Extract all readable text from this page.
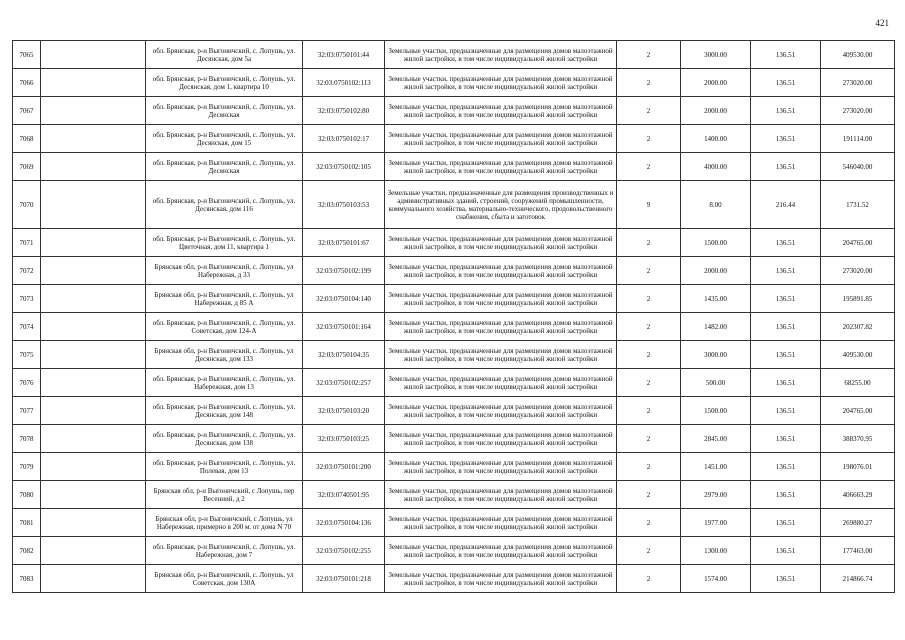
421
7065		обл. Брянская, р-н Выгоничский, с. Лопушь, ул. Десянская, дом 5а	32:03:0750101:44	Земельные участки, предназначенные для размещения домов малоэтажной жилой застройки, в том числе индивидуальной жилой застройки	2	3000.00	136.51	409530.00
7066		обл. Брянская, р-н Выгоничский, с. Лопушь, ул. Десянская, дом 1, квартира 10	32:03:0750102:113	Земельные участки, предназначенные для размещения домов малоэтажной жилой застройки, в том числе индивидуальной жилой застройки	2	2000.00	136.51	273020.00
7067		обл. Брянская, р-н Выгоничский, с. Лопушь, ул. Десянская	32:03:0750102:80	Земельные участки, предназначенные для размещения домов малоэтажной жилой застройки, в том числе индивидуальной жилой застройки	2	2000.00	136.51	273020.00
7068		обл. Брянская, р-н Выгоничский, с. Лопушь, ул. Десянская, дом 15	32:03:0750102:17	Земельные участки, предназначенные для размещения домов малоэтажной жилой застройки, в том числе индивидуальной жилой застройки	2	1400.00	136.51	191114.00
7069		обл. Брянская, р-н Выгоничский, с. Лопушь, ул. Десянская	32:03:0750102:105	Земельные участки, предназначенные для размещения домов малоэтажной жилой застройки, в том числе индивидуальной жилой застройки	2	4000.00	136.51	546040.00
7070		обл. Брянская, р-н Выгоничский, с. Лопушь, ул. Десянская, дом 116	32:03:0750103:53	Земельные участки, предназначенные для размещения производственных и административных зданий, строений, сооружений промышленности, коммунального хозяйства, материально-технического, продовольственного снабжения, сбыта и заготовок	9	8.00	216.44	1731.52
7071		обл. Брянская, р-н Выгоничский, с. Лопушь, ул. Цветочная, дом 11, квартира 1	32:03:0750101:67	Земельные участки, предназначенные для размещения домов малоэтажной жилой застройки, в том числе индивидуальной жилой застройки	2	1500.00	136.51	204765.00
7072		Брянская обл, р-н Выгоничский, с. Лопушь, ул Набережная, д 33	32:03:0750102:199	Земельные участки, предназначенные для размещения домов малоэтажной жилой застройки, в том числе индивидуальной жилой застройки	2	2000.00	136.51	273020.00
7073		Брянская обл, р-н Выгоничский, с. Лопушь, ул Набережная, д 85 А	32:03:0750104:140	Земельные участки, предназначенные для размещения домов малоэтажной жилой застройки, в том числе индивидуальной жилой застройки	2	1435.00	136.51	195891.85
7074		обл. Брянская, р-н Выгоничский, с. Лопушь, ул. Советская, дом 124-А	32:03:0750101:164	Земельные участки, предназначенные для размещения домов малоэтажной жилой застройки, в том числе индивидуальной жилой застройки	2	1482.00	136.51	202307.82
7075		Брянская обл, р-н Выгоничский, с. Лопушь, ул Десянская, дом 133	32:03:0750104:35	Земельные участки, предназначенные для размещения домов малоэтажной жилой застройки, в том числе индивидуальной жилой застройки	2	3000.00	136.51	409530.00
7076		обл. Брянская, р-н Выгоничский, с. Лопушь, ул. Набережная, дом 13	32:03:0750102:257	Земельные участки, предназначенные для размещения домов малоэтажной жилой застройки, в том числе индивидуальной жилой застройки	2	500.00	136.51	68255.00
7077		обл. Брянская, р-н Выгоничский, с. Лопушь, ул. Десянская, дом 148	32:03:0750103:20	Земельные участки, предназначенные для размещения домов малоэтажной жилой застройки, в том числе индивидуальной жилой застройки	2	1500.00	136.51	204765.00
7078		обл. Брянская, р-н Выгоничский, с. Лопушь, ул. Десянская, дом 138	32:03:0750103:25	Земельные участки, предназначенные для размещения домов малоэтажной жилой застройки, в том числе индивидуальной жилой застройки	2	2845.00	136.51	388370.95
7079		обл. Брянская, р-н Выгоничский, с. Лопушь, ул. Полевая, дом 13	32:03:0750101:200	Земельные участки, предназначенные для размещения домов малоэтажной жилой застройки, в том числе индивидуальной жилой застройки	2	1451.00	136.51	198076.01
7080		Брянская обл, р-н Выгоничский, с Лопушь, пер Весенний, д 2	32:03:0740501:95	Земельные участки, предназначенные для размещения домов малоэтажной жилой застройки, в том числе индивидуальной жилой застройки	2	2979.00	136.51	406663.29
7081		Брянская обл, р-н Выгоничский, с Лопушь, ул Набережная, примерно в 200 м. от дома N 70	32:03:0750104:136	Земельные участки, предназначенные для размещения домов малоэтажной жилой застройки, в том числе индивидуальной жилой застройки	2	1977.00	136.51	269880.27
7082		обл. Брянская, р-н Выгоничский, с. Лопушь, ул. Набережная, дом 7	32:03:0750102:255	Земельные участки, предназначенные для размещения домов малоэтажной жилой застройки, в том числе индивидуальной жилой застройки	2	1300.00	136.51	177463.00
7083		Брянская обл, р-н Выгоничский, с. Лопушь, ул Советская, дом 130А	32:03:0750101:218	Земельные участки, предназначенные для размещения домов малоэтажной жилой застройки, в том числе индивидуальной жилой застройки	2	1574.00	136.51	214866.74
